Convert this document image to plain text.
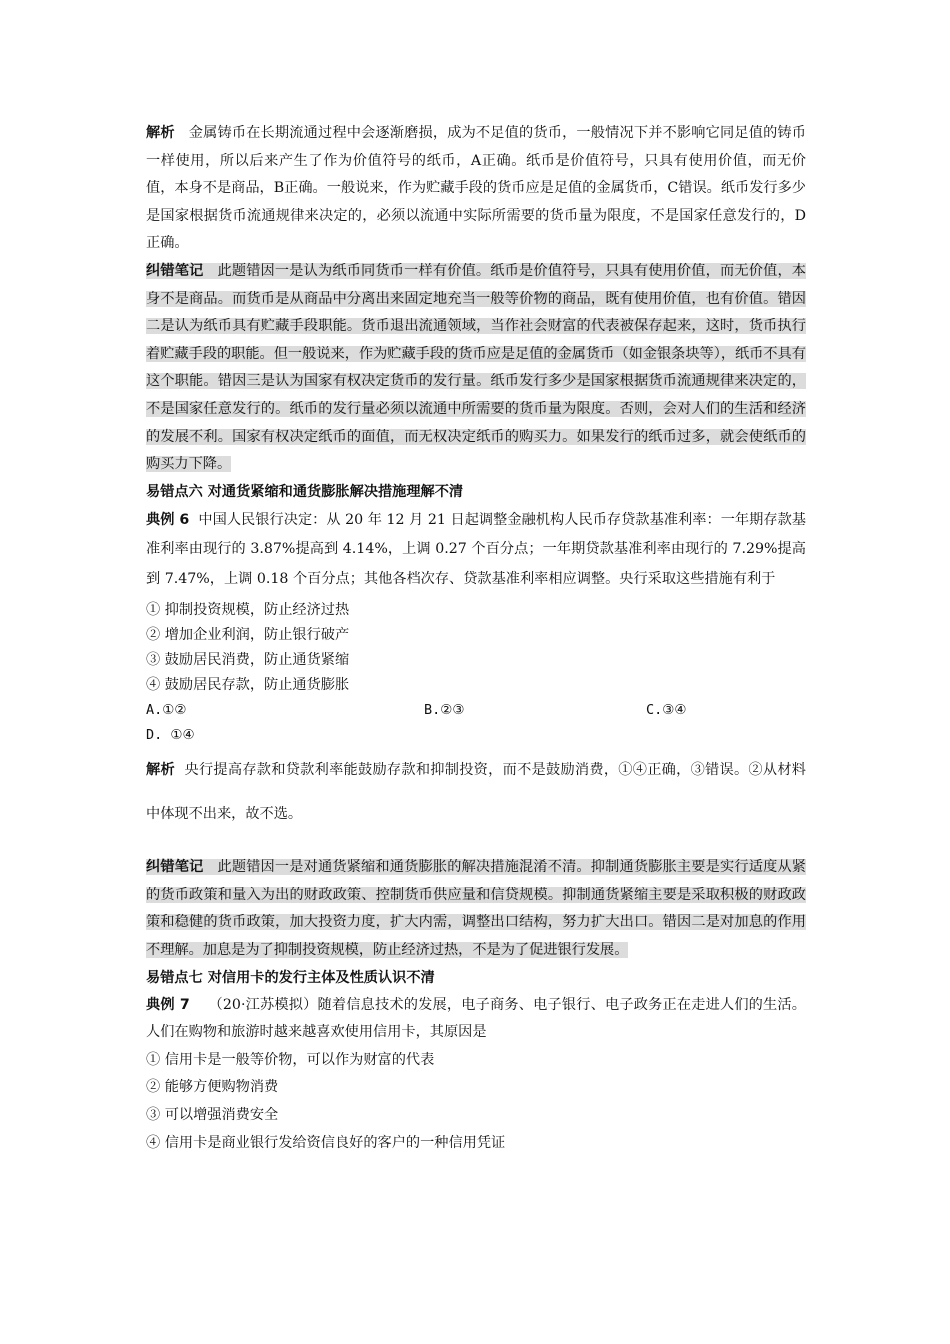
解析 金属铸币在长期流通过程中会逐渐磨损，成为不足值的货币，一般情况下并不影响它同足值的铸币一样使用，所以后来产生了作为价值符号的纸币，A正确。纸币是价值符号，只具有使用价值，而无价值，本身不是商品，B正确。一般说来，作为贮藏手段的货币应是足值的金属货币，C错误。纸币发行多少是国家根据货币流通规律来决定的，必须以流通中实际所需要的货币量为限度，不是国家任意发行的，D正确。

纠错笔记 此题错因一是认为纸币同货币一样有价值。纸币是价值符号，只具有使用价值，而无价值，本身不是商品。而货币是从商品中分离出来固定地充当一般等价物的商品，既有使用价值，也有价值。错因二是认为纸币具有贮藏手段职能。货币退出流通领域，当作社会财富的代表被保存起来，这时，货币执行着贮藏手段的职能。但一般说来，作为贮藏手段的货币应是足值的金属货币（如金银条块等），纸币不具有这个职能。错因三是认为国家有权决定货币的发行量。纸币发行多少是国家根据货币流通规律来决定的，不是国家任意发行的。纸币的发行量必须以流通中所需要的货币量为限度。否则，会对人们的生活和经济的发展不利。国家有权决定纸币的面值，而无权决定纸币的购买力。如果发行的纸币过多，就会使纸币的购买力下降。

易错点六 对通货紧缩和通货膨胀解决措施理解不清

典例 6 中国人民银行决定：从 20 年 12 月 21 日起调整金融机构人民币存贷款基准利率：一年期存款基准利率由现行的 3.87%提高到 4.14%，上调 0.27 个百分点；一年期贷款基准利率由现行的 7.29%提高到 7.47%，上调 0.18 个百分点；其他各档次存、贷款基准利率相应调整。央行采取这些措施有利于

① 抑制投资规模，防止经济过热

② 增加企业利润，防止银行破产

③ 鼓励居民消费，防止通货紧缩

④ 鼓励居民存款，防止通货膨胀

A.①②	B.②③	C.③④

D. ①④

解析 央行提高存款和贷款利率能鼓励存款和抑制投资，而不是鼓励消费，①④正确，③错误。②从材料中体现不出来，故不选。

纠错笔记 此题错因一是对通货紧缩和通货膨胀的解决措施混淆不清。抑制通货膨胀主要是实行适度从紧的货币政策和量入为出的财政政策、控制货币供应量和信贷规模。抑制通货紧缩主要是采取积极的财政政策和稳健的货币政策，加大投资力度，扩大内需，调整出口结构，努力扩大出口。错因二是对加息的作用不理解。加息是为了抑制投资规模，防止经济过热，不是为了促进银行发展。

易错点七 对信用卡的发行主体及性质认识不清

典例 7 （20·江苏模拟）随着信息技术的发展，电子商务、电子银行、电子政务正在走进人们的生活。人们在购物和旅游时越来越喜欢使用信用卡，其原因是

① 信用卡是一般等价物，可以作为财富的代表

② 能够方便购物消费

③ 可以增强消费安全

④ 信用卡是商业银行发给资信良好的客户的一种信用凭证
